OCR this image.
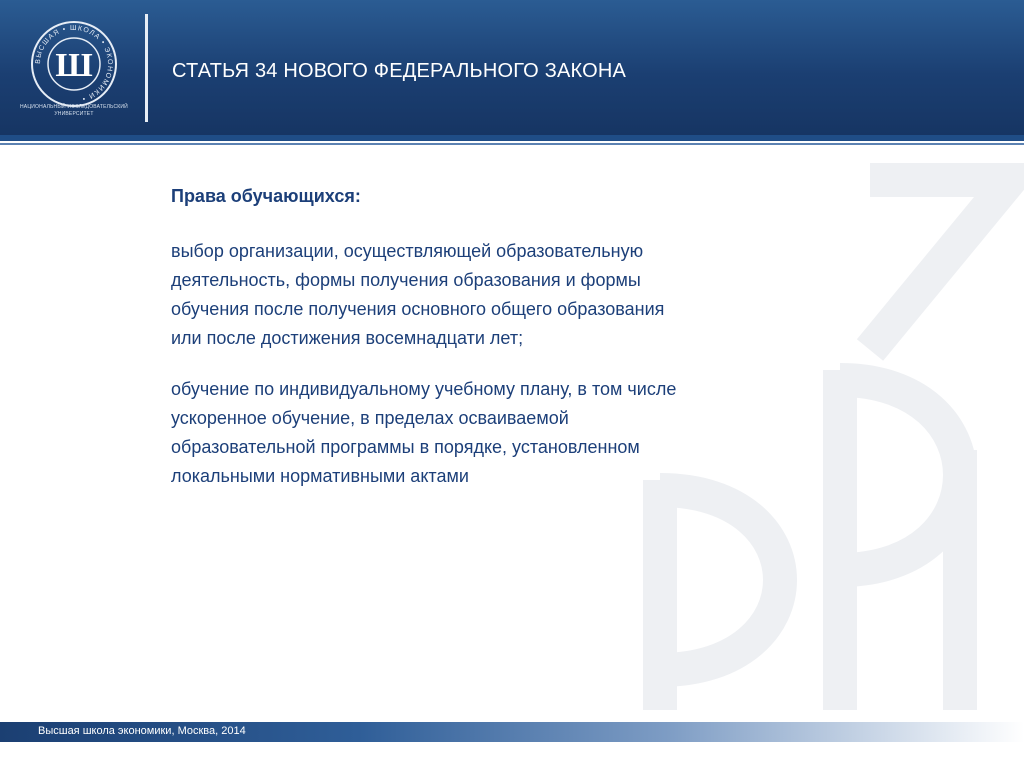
ВЫСШАЯ • ШКОЛА • ЭКОНОМИКИ •
Ш
НАЦИОНАЛЬНЫЙ ИССЛЕДОВАТЕЛЬСКИЙ
УНИВЕРСИТЕТ
СТАТЬЯ 34 НОВОГО ФЕДЕРАЛЬНОГО ЗАКОНА
Права обучающихся:
выбор организации, осуществляющей образовательную
деятельность, формы получения образования и формы
обучения после получения основного общего образования
или после достижения восемнадцати лет;
обучение по индивидуальному учебному плану, в том числе
ускоренное обучение, в пределах осваиваемой
образовательной программы в порядке, установленном
локальными нормативными актами
Высшая школа экономики, Москва, 2014
